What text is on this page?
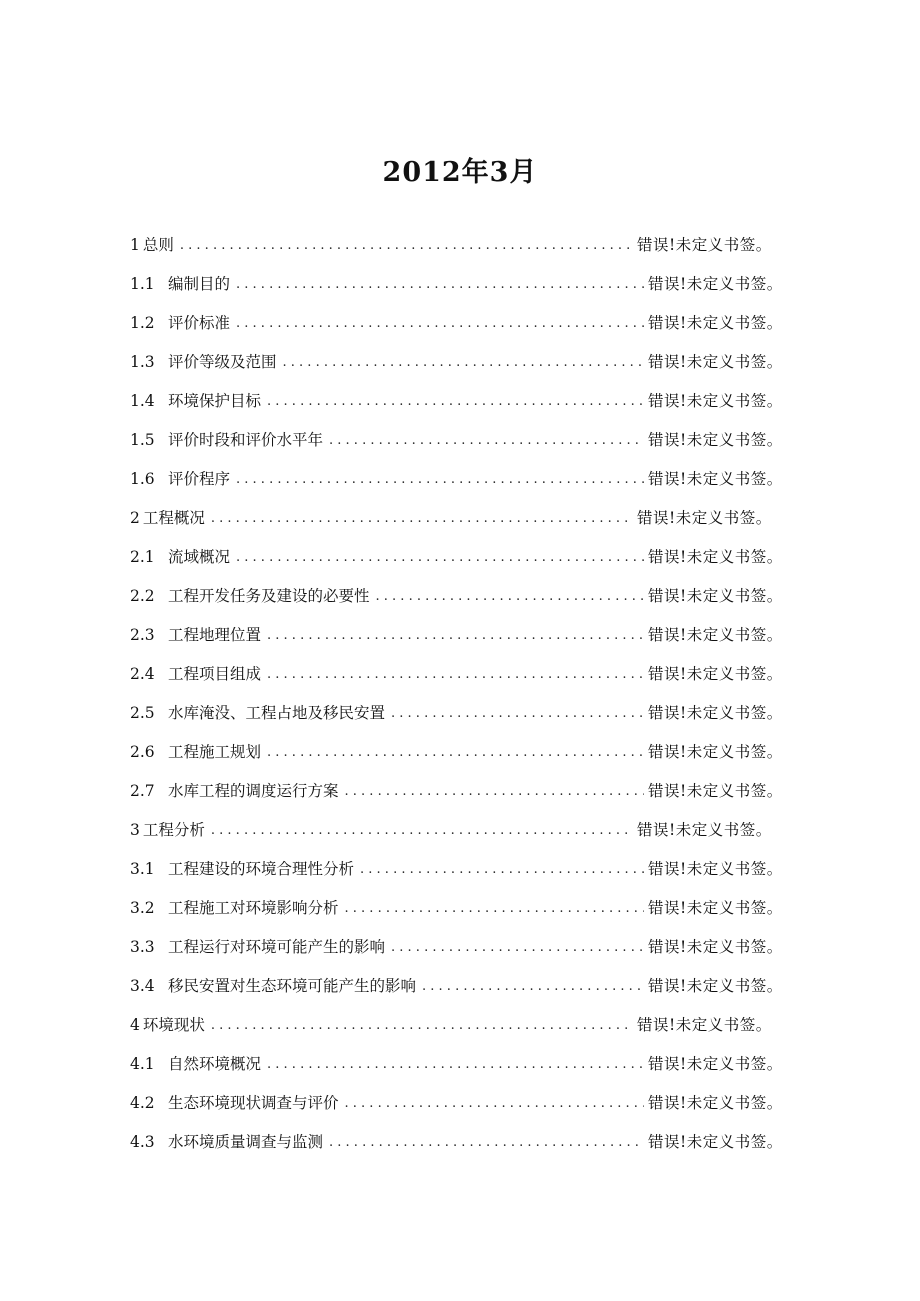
2012年3月
1 总则 . . .	错误!未定义书签。
1.1 编制目的 . . .	错误!未定义书签。
1.2 评价标准 . . .	错误!未定义书签。
1.3 评价等级及范围 . . .	错误!未定义书签。
1.4 环境保护目标 . . .	错误!未定义书签。
1.5 评价时段和评价水平年 . . .	错误!未定义书签。
1.6 评价程序 . . .	错误!未定义书签。
2 工程概况 . . .	错误!未定义书签。
2.1 流域概况 . . .	错误!未定义书签。
2.2 工程开发任务及建设的必要性 . . .	错误!未定义书签。
2.3 工程地理位置 . . .	错误!未定义书签。
2.4 工程项目组成 . . .	错误!未定义书签。
2.5 水库淹没、工程占地及移民安置 . . .	错误!未定义书签。
2.6 工程施工规划 . . .	错误!未定义书签。
2.7 水库工程的调度运行方案 . . .	错误!未定义书签。
3 工程分析 . . .	错误!未定义书签。
3.1 工程建设的环境合理性分析 . . .	错误!未定义书签。
3.2 工程施工对环境影响分析 . . .	错误!未定义书签。
3.3 工程运行对环境可能产生的影响 . . .	错误!未定义书签。
3.4 移民安置对生态环境可能产生的影响 . . .	错误!未定义书签。
4 环境现状 . . .	错误!未定义书签。
4.1 自然环境概况 . . .	错误!未定义书签。
4.2 生态环境现状调查与评价 . . .	错误!未定义书签。
4.3 水环境质量调查与监测 . . .	错误!未定义书签。
